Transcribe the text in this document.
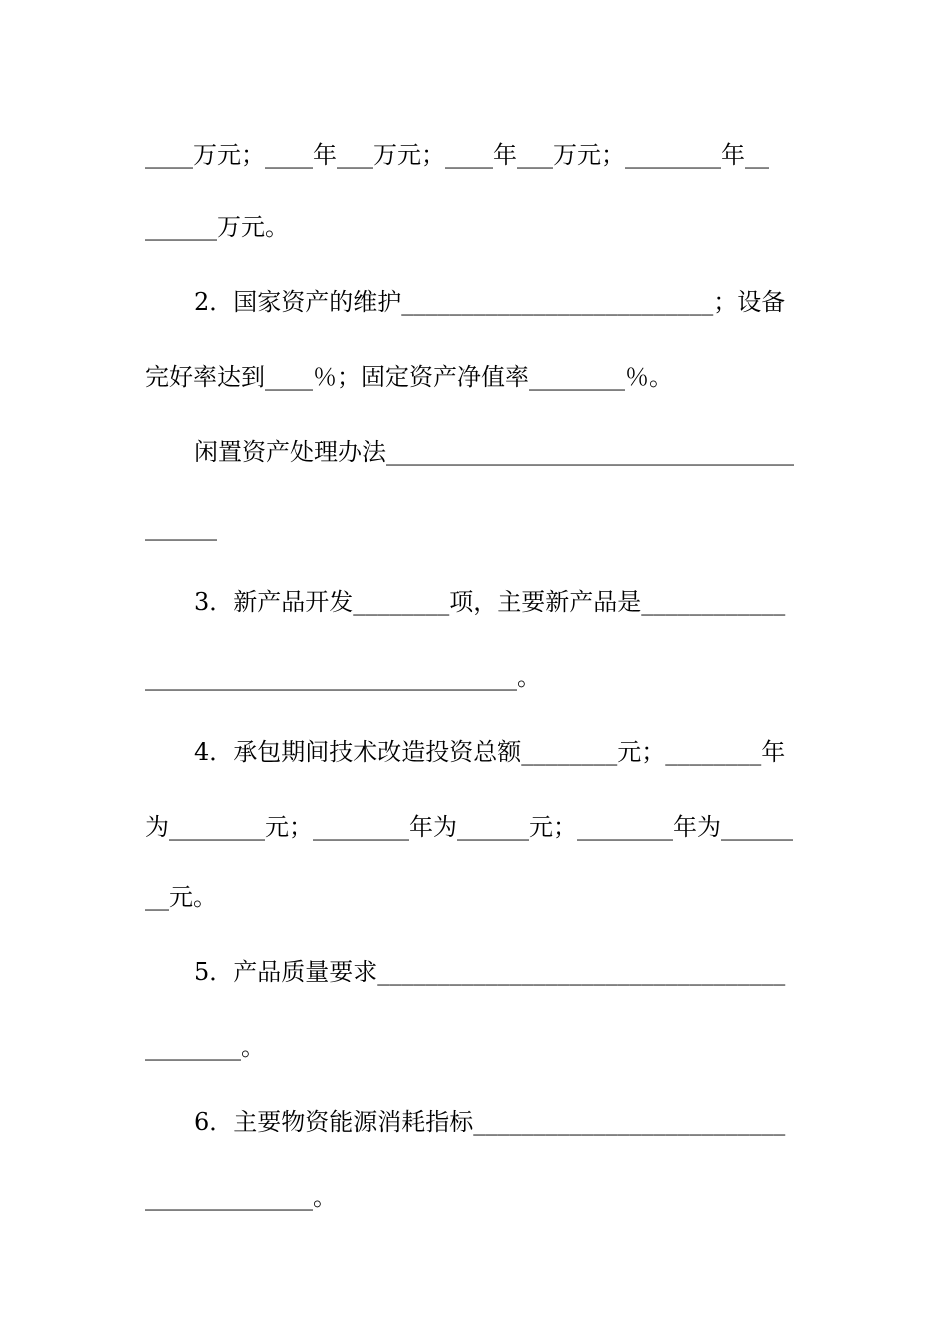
____万元；____年___万元；____年___万元；________年__
______万元。
2．国家资产的维护__________________________；设备
完好率达到____％；固定资产净值率________％。
闲置资产处理办法__________________________________
______
3．新产品开发________项，主要新产品是____________
_______________________________。
4．承包期间技术改造投资总额________元；________年
为________元；________年为______元；________年为______
__元。
5．产品质量要求__________________________________
________。
6．主要物资能源消耗指标__________________________
______________。
